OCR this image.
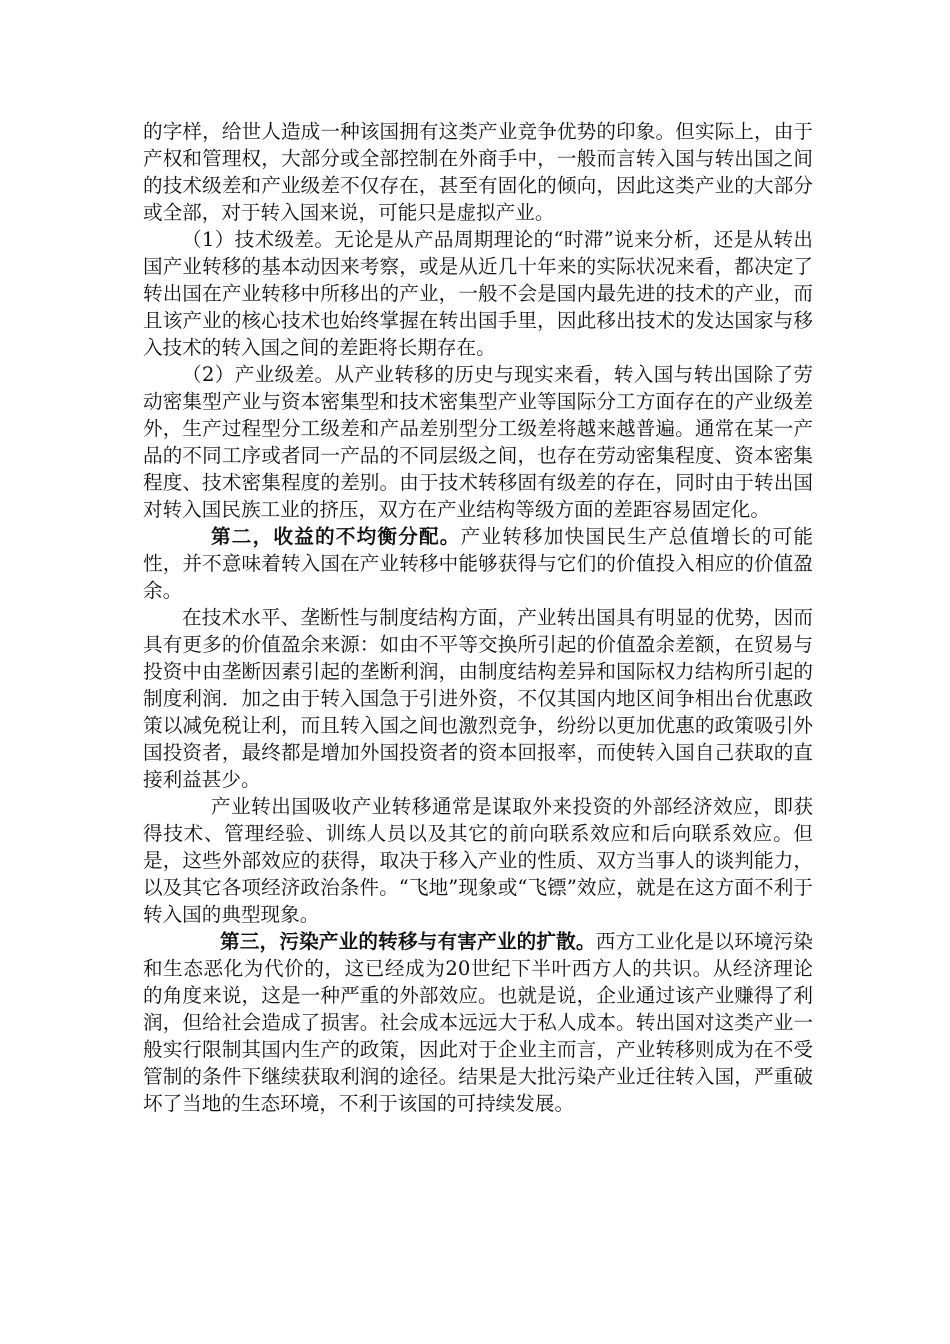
的字样，给世人造成一种该国拥有这类产业竞争优势的印象。但实际上，由于产权和管理权，大部分或全部控制在外商手中，一般而言转入国与转出国之间的技术级差和产业级差不仅存在，甚至有固化的倾向，因此这类产业的大部分或全部，对于转入国来说，可能只是虚拟产业。

（1）技术级差。无论是从产品周期理论的“时滞”说来分析，还是从转出国产业转移的基本动因来考察，或是从近几十年来的实际状况来看，都决定了转出国在产业转移中所移出的产业，一般不会是国内最先进的技术的产业，而且该产业的核心技术也始终掌握在转出国手里，因此移出技术的发达国家与移入技术的转入国之间的差距将长期存在。

（2）产业级差。从产业转移的历史与现实来看，转入国与转出国除了劳动密集型产业与资本密集型和技术密集型产业等国际分工方面存在的产业级差外，生产过程型分工级差和产品差别型分工级差将越来越普遍。通常在某一产品的不同工序或者同一产品的不同层级之间，也存在劳动密集程度、资本密集程度、技术密集程度的差别。由于技术转移固有级差的存在，同时由于转出国对转入国民族工业的挤压，双方在产业结构等级方面的差距容易固定化。

第二，收益的不均衡分配。产业转移加快国民生产总值增长的可能性，并不意味着转入国在产业转移中能够获得与它们的价值投入相应的价值盈余。

在技术水平、垄断性与制度结构方面，产业转出国具有明显的优势，因而具有更多的价值盈余来源：如由不平等交换所引起的价值盈余差额，在贸易与投资中由垄断因素引起的垄断利润，由制度结构差异和国际权力结构所引起的制度利润．加之由于转入国急于引进外资，不仅其国内地区间争相出台优惠政策以减免税让利，而且转入国之间也激烈竞争，纷纷以更加优惠的政策吸引外国投资者，最终都是增加外国投资者的资本回报率，而使转入国自己获取的直接利益甚少。

产业转出国吸收产业转移通常是谋取外来投资的外部经济效应，即获得技术、管理经验、训练人员以及其它的前向联系效应和后向联系效应。但是，这些外部效应的获得，取决于移入产业的性质、双方当事人的谈判能力，以及其它各项经济政治条件。“飞地”现象或“飞镖”效应，就是在这方面不利于转入国的典型现象。

第三，污染产业的转移与有害产业的扩散。西方工业化是以环境污染和生态恶化为代价的，这已经成为20世纪下半叶西方人的共识。从经济理论的角度来说，这是一种严重的外部效应。也就是说，企业通过该产业赚得了利润，但给社会造成了损害。社会成本远远大于私人成本。转出国对这类产业一般实行限制其国内生产的政策，因此对于企业主而言，产业转移则成为在不受管制的条件下继续获取利润的途径。结果是大批污染产业迁往转入国，严重破坏了当地的生态环境，不利于该国的可持续发展。
